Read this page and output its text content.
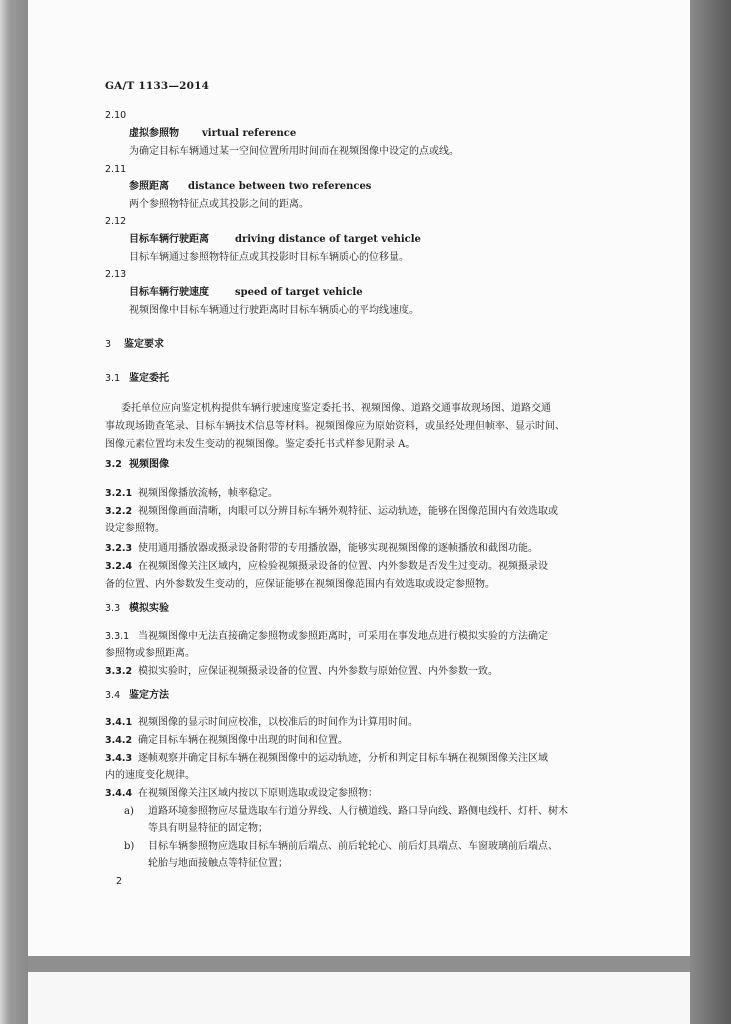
GA/T 1133—2014
2.10
虚拟参照物 virtual reference
为确定目标车辆通过某一空间位置所用时间而在视频图像中设定的点或线。
2.11
参照距离 distance between two references
两个参照物特征点或其投影之间的距离。
2.12
目标车辆行驶距离	driving distance of target vehicle
目标车辆通过参照物特征点或其投影时目标车辆质心的位移量。
2.13
目标车辆行驶速度	speed of target vehicle
视频图像中目标车辆通过行驶距离时目标车辆质心的平均线速度。
3 鉴定要求
3.1 鉴定委托
委托单位应向鉴定机构提供车辆行驶速度鉴定委托书、视频图像、道路交通事故现场图、道路交通
事故现场勘查笔录、目标车辆技术信息等材料。视频图像应为原始资料，或虽经处理但帧率、显示时间、
图像元素位置均未发生变动的视频图像。鉴定委托书式样参见附录 A。
3.2 视频图像
3.2.1 视频图像播放流畅，帧率稳定。
3.2.2 视频图像画面清晰，肉眼可以分辨目标车辆外观特征、运动轨迹，能够在图像范围内有效选取或
设定参照物。
3.2.3 使用通用播放器或摄录设备附带的专用播放器，能够实现视频图像的逐帧播放和截图功能。
3.2.4 在视频图像关注区域内，应检验视频摄录设备的位置、内外参数是否发生过变动。视频摄录设
备的位置、内外参数发生变动的，应保证能够在视频图像范围内有效选取或设定参照物。
3.3 模拟实验
3.3.1 当视频图像中无法直接确定参照物或参照距离时，可采用在事发地点进行模拟实验的方法确定
参照物或参照距离。
3.3.2 模拟实验时，应保证视频摄录设备的位置、内外参数与原始位置、内外参数一致。
3.4 鉴定方法
3.4.1 视频图像的显示时间应校准，以校准后的时间作为计算用时间。
3.4.2 确定目标车辆在视频图像中出现的时间和位置。
3.4.3 逐帧观察并确定目标车辆在视频图像中的运动轨迹，分析和判定目标车辆在视频图像关注区域
内的速度变化规律。
3.4.4 在视频图像关注区域内按以下原则选取或设定参照物：
a) 道路环境参照物应尽量选取车行道分界线、人行横道线、路口导向线、路侧电线杆、灯杆、树木
等具有明显特征的固定物；
b) 目标车辆参照物应选取目标车辆前后端点、前后轮轮心、前后灯具端点、车窗玻璃前后端点、
轮胎与地面接触点等特征位置；
2
